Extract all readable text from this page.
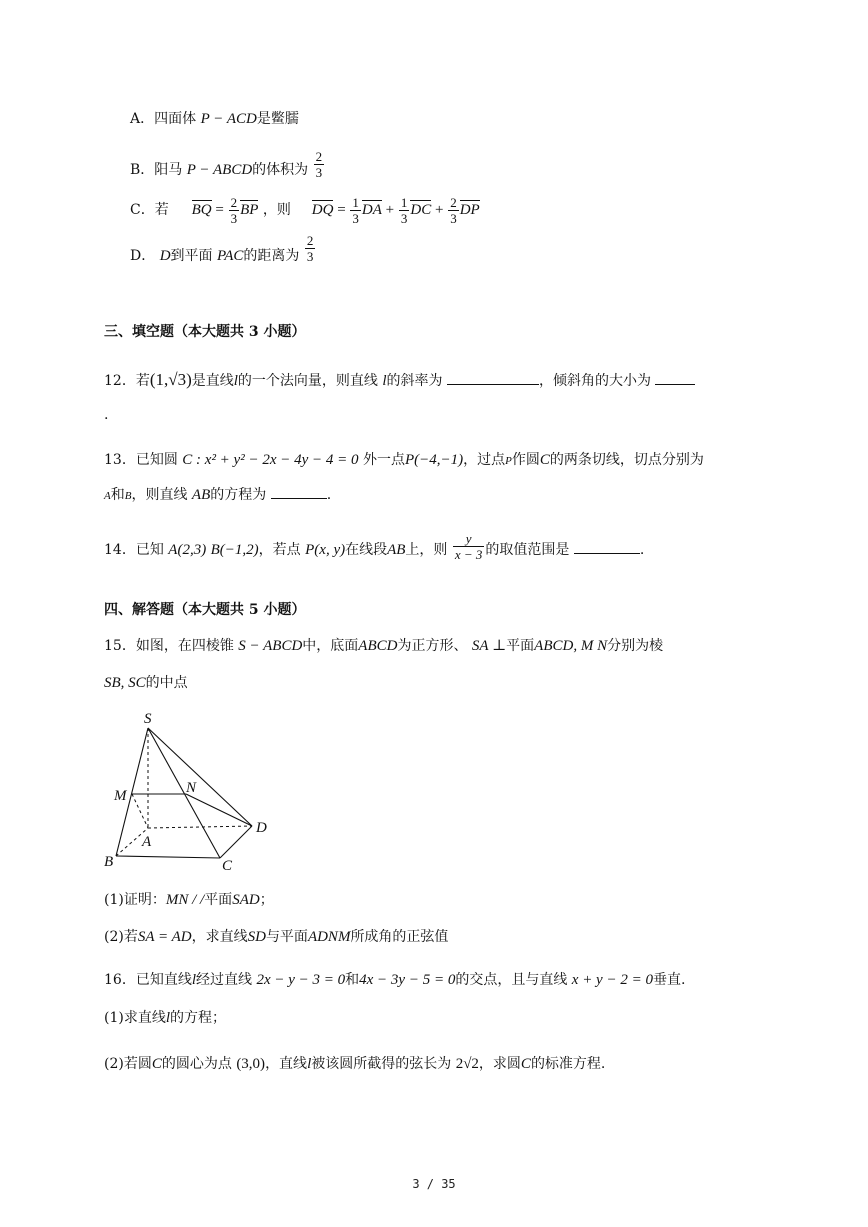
A．四面体 P − ACD是鳖臑
B．阳马 P − ABCD的体积为 $\frac{2}{3}$
C．若 BQ = $\frac{2}{3}$ BP ，则 DQ = $\frac{1}{3}$ DA + $\frac{1}{3}$ DC + $\frac{2}{3}$ DP
D． D到平面 PAC的距离为 $\frac{2}{3}$
三、填空题（本大题共 3 小题）
12．若(1,√3)是直线l的一个法向量，则直线 l的斜率为	，倾斜角的大小为
.
13．已知圆 C : x² + y² − 2x − 4y − 4 = 0 外一点P(−4,−1)，过点P作圆C的两条切线，切点分别为
A和B，则直线 AB的方程为	.
14．已知 A(2,3) B(−1,2)，若点 P(x, y)在线段AB上，则 $\frac{y}{x - 3}$ 的取值范围是	.
四、解答题（本大题共 5 小题）
15．如图，在四棱锥 S − ABCD中，底面ABCD为正方形、 SA ⊥平面ABCD, M N分别为棱
SB, SC的中点
S
M	N
A
D
B	C
(1)证明：MN / /平面SAD；
(2)若SA = AD，求直线SD与平面ADNM所成角的正弦值
16．已知直线l经过直线 2x − y − 3 = 0和4x − 3y − 5 = 0的交点，且与直线 x + y − 2 = 0垂直.
(1)求直线l的方程；
(2)若圆C的圆心为点 (3,0)，直线l被该圆所截得的弦长为 2√2，求圆C的标准方程.
3 / 35
